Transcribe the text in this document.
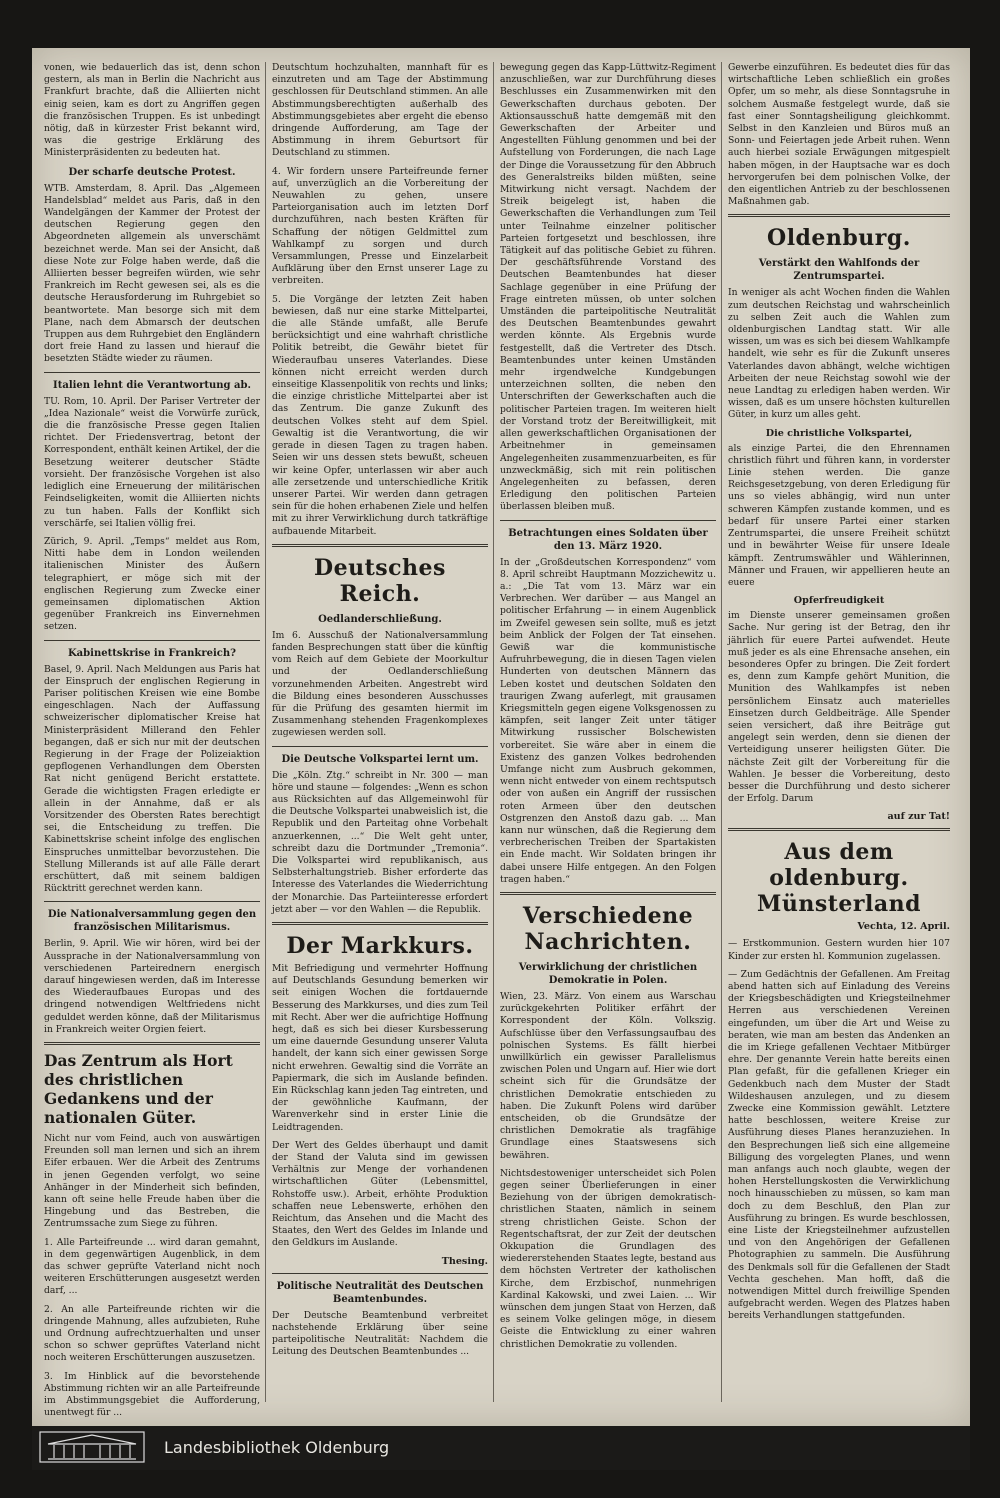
vonen, wie bedauerlich das ist, denn schon gestern, als man in Berlin die Nachricht aus Frankfurt brachte, daß die Alliierten nicht einig seien, kam es dort zu Angriffen gegen die französischen Truppen. Es ist unbedingt nötig, daß in kürzester Frist bekannt wird, was die gestrige Erklärung des Ministerpräsidenten zu bedeuten hat.

Der scharfe deutsche Protest.

WTB. Amsterdam, 8. April. Das „Algemeen Handelsblad“ meldet aus Paris, daß in den Wandelgängen der Kammer der Protest der deutschen Regierung gegen den Abgeordneten allgemein als unverschämt bezeichnet werde. Man sei der Ansicht, daß diese Note zur Folge haben werde, daß die Alliierten besser begreifen würden, wie sehr Frankreich im Recht gewesen sei, als es die deutsche Herausforderung im Ruhrgebiet so beantwortete. Man besorge sich mit dem Plane, nach dem Abmarsch der deutschen Truppen aus dem Ruhrgebiet den Engländern dort freie Hand zu lassen und hierauf die besetzten Städte wieder zu räumen.

Italien lehnt die Verantwortung ab.

TU. Rom, 10. April. Der Pariser Vertreter der „Idea Nazionale“ weist die Vorwürfe zurück, die die französische Presse gegen Italien richtet. Der Friedensvertrag, betont der Korrespondent, enthält keinen Artikel, der die Besetzung weiterer deutscher Städte vorsieht. Der französische Vorgehen ist also lediglich eine Erneuerung der militärischen Feindseligkeiten, womit die Alliierten nichts zu tun haben. Falls der Konflikt sich verschärfe, sei Italien völlig frei.

Zürich, 9. April. „Temps“ meldet aus Rom, Nitti habe dem in London weilenden italienischen Minister des Äußern telegraphiert, er möge sich mit der englischen Regierung zum Zwecke einer gemeinsamen diplomatischen Aktion gegenüber Frankreich ins Einvernehmen setzen.

Kabinettskrise in Frankreich?

Basel, 9. April. Nach Meldungen aus Paris hat der Einspruch der englischen Regierung in Pariser politischen Kreisen wie eine Bombe eingeschlagen. Nach der Auffassung schweizerischer diplomatischer Kreise hat Ministerpräsident Millerand den Fehler begangen, daß er sich nur mit der deutschen Regierung in der Frage der Polizeiaktion gepflogenen Verhandlungen dem Obersten Rat nicht genügend Bericht erstattete. Gerade die wichtigsten Fragen erledigte er allein in der Annahme, daß er als Vorsitzender des Obersten Rates berechtigt sei, die Entscheidung zu treffen. Die Kabinettskrise scheint infolge des englischen Einspruches unmittelbar bevorzustehen. Die Stellung Millerands ist auf alle Fälle derart erschüttert, daß mit seinem baldigen Rücktritt gerechnet werden kann.

Die Nationalversammlung gegen den französischen Militarismus.

Berlin, 9. April. Wie wir hören, wird bei der Aussprache in der Nationalversammlung von verschiedenen Parteirednern energisch darauf hingewiesen werden, daß im Interesse des Wiederaufbaues Europas und des dringend notwendigen Weltfriedens nicht geduldet werden könne, daß der Militarismus in Frankreich weiter Orgien feiert.

Das Zentrum als Hort des christlichen Gedankens und der nationalen Güter.

Nicht nur vom Feind, auch von auswärtigen Freunden soll man lernen und sich an ihrem Eifer erbauen. Wer die Arbeit des Zentrums in jenen Gegenden verfolgt, wo seine Anhänger in der Minderheit sich befinden, kann oft seine helle Freude haben über die Hingebung und das Bestreben, die Zentrumssache zum Siege zu führen.

1. Alle Parteifreunde ... wird daran gemahnt, in dem gegenwärtigen Augenblick, in dem das schwer geprüfte Vaterland nicht noch weiteren Erschütterungen ausgesetzt werden darf, ...

2. An alle Parteifreunde richten wir die dringende Mahnung, alles aufzubieten, Ruhe und Ordnung aufrechtzuerhalten und unser schon so schwer geprüftes Vaterland nicht noch weiteren Erschütterungen auszusetzen.

3. Im Hinblick auf die bevorstehende Abstimmung richten wir an alle Parteifreunde im Abstimmungsgebiet die Aufforderung, unentwegt für ...

Deutschtum hochzuhalten, mannhaft für es einzutreten und am Tage der Abstimmung geschlossen für Deutschland stimmen. An alle Abstimmungsberechtigten außerhalb des Abstimmungsgebietes aber ergeht die ebenso dringende Aufforderung, am Tage der Abstimmung in ihrem Geburtsort für Deutschland zu stimmen.

4. Wir fordern unsere Parteifreunde ferner auf, unverzüglich an die Vorbereitung der Neuwahlen zu gehen, unsere Parteiorganisation auch im letzten Dorf durchzuführen, nach besten Kräften für Schaffung der nötigen Geldmittel zum Wahlkampf zu sorgen und durch Versammlungen, Presse und Einzelarbeit Aufklärung über den Ernst unserer Lage zu verbreiten.

5. Die Vorgänge der letzten Zeit haben bewiesen, daß nur eine starke Mittelpartei, die alle Stände umfaßt, alle Berufe berücksichtigt und eine wahrhaft christliche Politik betreibt, die Gewähr bietet für Wiederaufbau unseres Vaterlandes. Diese können nicht erreicht werden durch einseitige Klassenpolitik von rechts und links; die einzige christliche Mittelpartei aber ist das Zentrum. Die ganze Zukunft des deutschen Volkes steht auf dem Spiel. Gewaltig ist die Verantwortung, die wir gerade in diesen Tagen zu tragen haben. Seien wir uns dessen stets bewußt, scheuen wir keine Opfer, unterlassen wir aber auch alle zersetzende und unterschiedliche Kritik unserer Partei. Wir werden dann getragen sein für die hohen erhabenen Ziele und helfen mit zu ihrer Verwirklichung durch tatkräftige aufbauende Mitarbeit.

Deutsches Reich.
Oedlanderschließung.

Im 6. Ausschuß der Nationalversammlung fanden Besprechungen statt über die künftig vom Reich auf dem Gebiete der Moorkultur und der Oedlanderschließung vorzunehmenden Arbeiten. Angestrebt wird die Bildung eines besonderen Ausschusses für die Prüfung des gesamten hiermit im Zusammenhang stehenden Fragenkomplexes zugewiesen werden soll.

Die Deutsche Volkspartei lernt um.

Die „Köln. Ztg.“ schreibt in Nr. 300 — man höre und staune — folgendes: „Wenn es schon aus Rücksichten auf das Allgemeinwohl für die Deutsche Volkspartei unabweislich ist, die Republik und den Parteitag ohne Vorbehalt anzuerkennen, ...“ Die Welt geht unter, schreibt dazu die Dortmunder „Tremonia“. Die Volkspartei wird republikanisch, aus Selbsterhaltungstrieb. Bisher erforderte das Interesse des Vaterlandes die Wiederrichtung der Monarchie. Das Parteiinteresse erfordert jetzt aber — vor den Wahlen — die Republik.

Der Markkurs.

Mit Befriedigung und vermehrter Hoffnung auf Deutschlands Gesundung bemerken wir seit einigen Wochen die fortdauernde Besserung des Markkurses, und dies zum Teil mit Recht. Aber wer die aufrichtige Hoffnung hegt, daß es sich bei dieser Kursbesserung um eine dauernde Gesundung unserer Valuta handelt, der kann sich einer gewissen Sorge nicht erwehren. Gewaltig sind die Vorräte an Papiermark, die sich im Auslande befinden. Ein Rückschlag kann jeden Tag eintreten, und der gewöhnliche Kaufmann, der Warenverkehr sind in erster Linie die Leidtragenden.

Der Wert des Geldes überhaupt und damit der Stand der Valuta sind im gewissen Verhältnis zur Menge der vorhandenen wirtschaftlichen Güter (Lebensmittel, Rohstoffe usw.). Arbeit, erhöhte Produktion schaffen neue Lebenswerte, erhöhen den Reichtum, das Ansehen und die Macht des Staates, den Wert des Geldes im Inlande und den Geldkurs im Auslande.

Thesing.
Politische Neutralität des Deutschen Beamtenbundes.

Der Deutsche Beamtenbund verbreitet nachstehende Erklärung über seine parteipolitische Neutralität: Nachdem die Leitung des Deutschen Beamtenbundes ...

bewegung gegen das Kapp-Lüttwitz-Regiment anzuschließen, war zur Durchführung dieses Beschlusses ein Zusammenwirken mit den Gewerkschaften durchaus geboten. Der Aktionsausschuß hatte demgemäß mit den Gewerkschaften der Arbeiter und Angestellten Fühlung genommen und bei der Aufstellung von Forderungen, die nach Lage der Dinge die Voraussetzung für den Abbruch des Generalstreiks bilden müßten, seine Mitwirkung nicht versagt. Nachdem der Streik beigelegt ist, haben die Gewerkschaften die Verhandlungen zum Teil unter Teilnahme einzelner politischer Parteien fortgesetzt und beschlossen, ihre Tätigkeit auf das politische Gebiet zu führen. Der geschäftsführende Vorstand des Deutschen Beamtenbundes hat dieser Sachlage gegenüber in eine Prüfung der Frage eintreten müssen, ob unter solchen Umständen die parteipolitische Neutralität des Deutschen Beamtenbundes gewahrt werden könnte. Als Ergebnis wurde festgestellt, daß die Vertreter des Dtsch. Beamtenbundes unter keinen Umständen mehr irgendwelche Kundgebungen unterzeichnen sollten, die neben den Unterschriften der Gewerkschaften auch die politischer Parteien tragen. Im weiteren hielt der Vorstand trotz der Bereitwilligkeit, mit allen gewerkschaftlichen Organisationen der Arbeitnehmer in gemeinsamen Angelegenheiten zusammenzuarbeiten, es für unzweckmäßig, sich mit rein politischen Angelegenheiten zu befassen, deren Erledigung den politischen Parteien überlassen bleiben muß.

Betrachtungen eines Soldaten über den 13. März 1920.

In der „Großdeutschen Korrespondenz“ vom 8. April schreibt Hauptmann Mozzichewitz u. a.: „Die Tat vom 13. März war ein Verbrechen. Wer darüber — aus Mangel an politischer Erfahrung — in einem Augenblick im Zweifel gewesen sein sollte, muß es jetzt beim Anblick der Folgen der Tat einsehen. Gewiß war die kommunistische Aufruhrbewegung, die in diesen Tagen vielen Hunderten von deutschen Männern das Leben kostet und deutschen Soldaten den traurigen Zwang auferlegt, mit grausamen Kriegsmitteln gegen eigene Volksgenossen zu kämpfen, seit langer Zeit unter tätiger Mitwirkung russischer Bolschewisten vorbereitet. Sie wäre aber in einem die Existenz des ganzen Volkes bedrohenden Umfange nicht zum Ausbruch gekommen, wenn nicht entweder von einem rechtsputsch oder von außen ein Angriff der russischen roten Armeen über den deutschen Ostgrenzen den Anstoß dazu gab. ... Man kann nur wünschen, daß die Regierung dem verbrecherischen Treiben der Spartakisten ein Ende macht. Wir Soldaten bringen ihr dabei unsere Hilfe entgegen. An den Folgen tragen haben.“

Verschiedene Nachrichten.
Verwirklichung der christlichen Demokratie in Polen.

Wien, 23. März. Von einem aus Warschau zurückgekehrten Politiker erfährt der Korrespondent der Köln. Volkszig. Aufschlüsse über den Verfassungsaufbau des polnischen Systems. Es fällt hierbei unwillkürlich ein gewisser Parallelismus zwischen Polen und Ungarn auf. Hier wie dort scheint sich für die Grundsätze der christlichen Demokratie entschieden zu haben. Die Zukunft Polens wird darüber entscheiden, ob die Grundsätze der christlichen Demokratie als tragfähige Grundlage eines Staatswesens sich bewähren.

Nichtsdestoweniger unterscheidet sich Polen gegen seiner Überlieferungen in einer Beziehung von der übrigen demokratisch-christlichen Staaten, nämlich in seinem streng christlichen Geiste. Schon der Regentschaftsrat, der zur Zeit der deutschen Okkupation die Grundlagen des wiedererstehenden Staates legte, bestand aus dem höchsten Vertreter der katholischen Kirche, dem Erzbischof, nunmehrigen Kardinal Kakowski, und zwei Laien. ... Wir wünschen dem jungen Staat von Herzen, daß es seinem Volke gelingen möge, in diesem Geiste die Entwicklung zu einer wahren christlichen Demokratie zu vollenden.

Gewerbe einzuführen. Es bedeutet dies für das wirtschaftliche Leben schließlich ein großes Opfer, um so mehr, als diese Sonntagsruhe in solchem Ausmaße festgelegt wurde, daß sie fast einer Sonntagsheiligung gleichkommt. Selbst in den Kanzleien und Büros muß an Sonn- und Feiertagen jede Arbeit ruhen. Wenn auch hierbei soziale Erwägungen mitgespielt haben mögen, in der Hauptsache war es doch hervorgerufen bei dem polnischen Volke, der den eigentlichen Antrieb zu der beschlossenen Maßnahmen gab.

Oldenburg.
Verstärkt den Wahlfonds der Zentrumspartei.

In weniger als acht Wochen finden die Wahlen zum deutschen Reichstag und wahrscheinlich zu selben Zeit auch die Wahlen zum oldenburgischen Landtag statt. Wir alle wissen, um was es sich bei diesem Wahlkampfe handelt, wie sehr es für die Zukunft unseres Vaterlandes davon abhängt, welche wichtigen Arbeiten der neue Reichstag sowohl wie der neue Landtag zu erledigen haben werden. Wir wissen, daß es um unsere höchsten kulturellen Güter, in kurz um alles geht.

Die christliche Volkspartei,

als einzige Partei, die den Ehrennamen christlich führt und führen kann, in vorderster Linie stehen werden. Die ganze Reichsgesetzgebung, von deren Erledigung für uns so vieles abhängig, wird nun unter schweren Kämpfen zustande kommen, und es bedarf für unsere Partei einer starken Zentrumspartei, die unsere Freiheit schützt und in bewährter Weise für unsere Ideale kämpft. Zentrumswähler und Wählerinnen, Männer und Frauen, wir appellieren heute an euere

Opferfreudigkeit

im Dienste unserer gemeinsamen großen Sache. Nur gering ist der Betrag, den ihr jährlich für euere Partei aufwendet. Heute muß jeder es als eine Ehrensache ansehen, ein besonderes Opfer zu bringen. Die Zeit fordert es, denn zum Kampfe gehört Munition, die Munition des Wahlkampfes ist neben persönlichem Einsatz auch materielles Einsetzen durch Geldbeiträge. Alle Spender seien versichert, daß ihre Beiträge gut angelegt sein werden, denn sie dienen der Verteidigung unserer heiligsten Güter. Die nächste Zeit gilt der Vorbereitung für die Wahlen. Je besser die Vorbereitung, desto besser die Durchführung und desto sicherer der Erfolg. Darum

auf zur Tat!
Aus dem oldenburg. Münsterland
Vechta, 12. April.

— Erstkommunion. Gestern wurden hier 107 Kinder zur ersten hl. Kommunion zugelassen.

— Zum Gedächtnis der Gefallenen. Am Freitag abend hatten sich auf Einladung des Vereins der Kriegsbeschädigten und Kriegsteilnehmer Herren aus verschiedenen Vereinen eingefunden, um über die Art und Weise zu beraten, wie man am besten das Andenken an die im Kriege gefallenen Vechtaer Mitbürger ehre. Der genannte Verein hatte bereits einen Plan gefaßt, für die gefallenen Krieger ein Gedenkbuch nach dem Muster der Stadt Wildeshausen anzulegen, und zu diesem Zwecke eine Kommission gewählt. Letztere hatte beschlossen, weitere Kreise zur Ausführung dieses Planes heranzuziehen. In den Besprechungen ließ sich eine allgemeine Billigung des vorgelegten Planes, und wenn man anfangs auch noch glaubte, wegen der hohen Herstellungskosten die Verwirklichung noch hinausschieben zu müssen, so kam man doch zu dem Beschluß, den Plan zur Ausführung zu bringen. Es wurde beschlossen, eine Liste der Kriegsteilnehmer aufzustellen und von den Angehörigen der Gefallenen Photographien zu sammeln. Die Ausführung des Denkmals soll für die Gefallenen der Stadt Vechta geschehen. Man hofft, daß die notwendigen Mittel durch freiwillige Spenden aufgebracht werden. Wegen des Platzes haben bereits Verhandlungen stattgefunden.

Landesbibliothek Oldenburg
